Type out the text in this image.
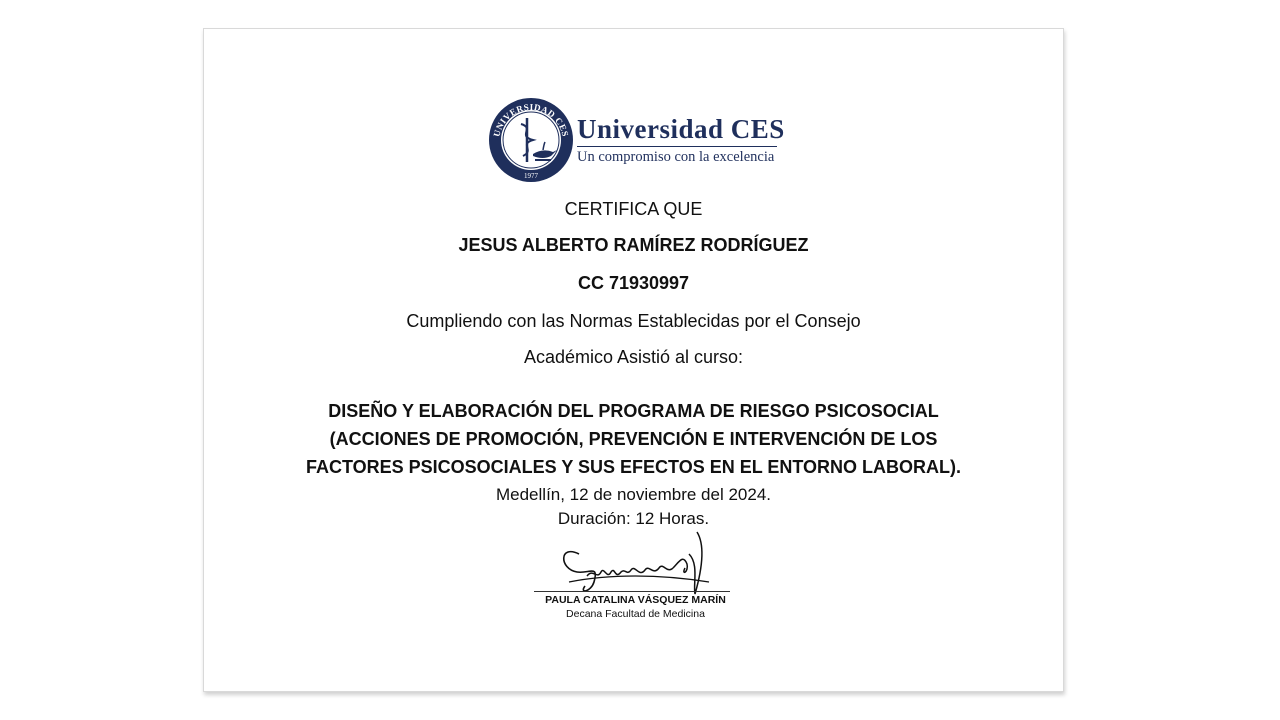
UNIVERSIDAD CES
1977
Universidad CES
Un compromiso con la excelencia
CERTIFICA QUE
JESUS ALBERTO RAMÍREZ RODRÍGUEZ
CC 71930997
Cumpliendo con las Normas Establecidas por el Consejo
Académico Asistió al curso:
DISEÑO Y ELABORACIÓN DEL PROGRAMA DE RIESGO PSICOSOCIAL
(ACCIONES DE PROMOCIÓN, PREVENCIÓN E INTERVENCIÓN DE LOS
FACTORES PSICOSOCIALES Y SUS EFECTOS EN EL ENTORNO LABORAL).
Medellín, 12 de noviembre del 2024.
Duración: 12 Horas.
PAULA CATALINA VÁSQUEZ MARÍN
Decana Facultad de Medicina
